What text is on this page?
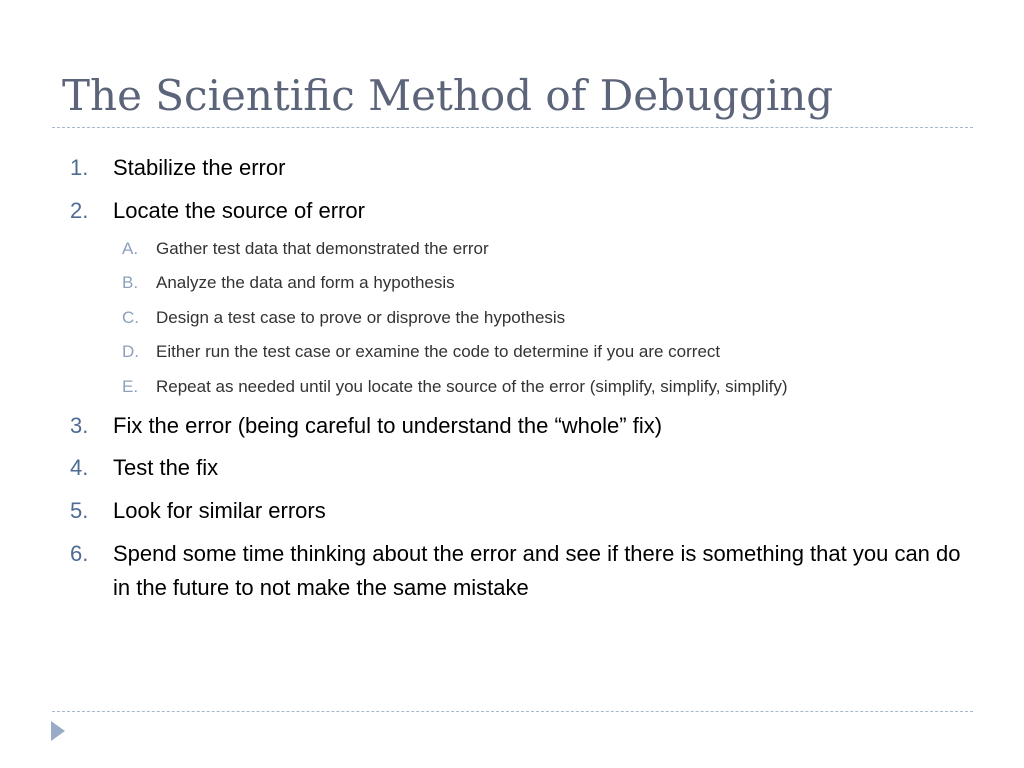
The Scientific Method of Debugging
1.	Stabilize the error
2.	Locate the source of error
A.	Gather test data that demonstrated the error
B.	Analyze the data and form a hypothesis
C.	Design a test case to prove or disprove the hypothesis
D.	Either run the test case or examine the code to determine if you are correct
E.	Repeat as needed until you locate the source of the error (simplify, simplify, simplify)
3.	Fix the error (being careful to understand the “whole” fix)
4.	Test the fix
5.	Look for similar errors
6.	Spend some time thinking about the error and see if there is something that you can do in the future to not make the same mistake
